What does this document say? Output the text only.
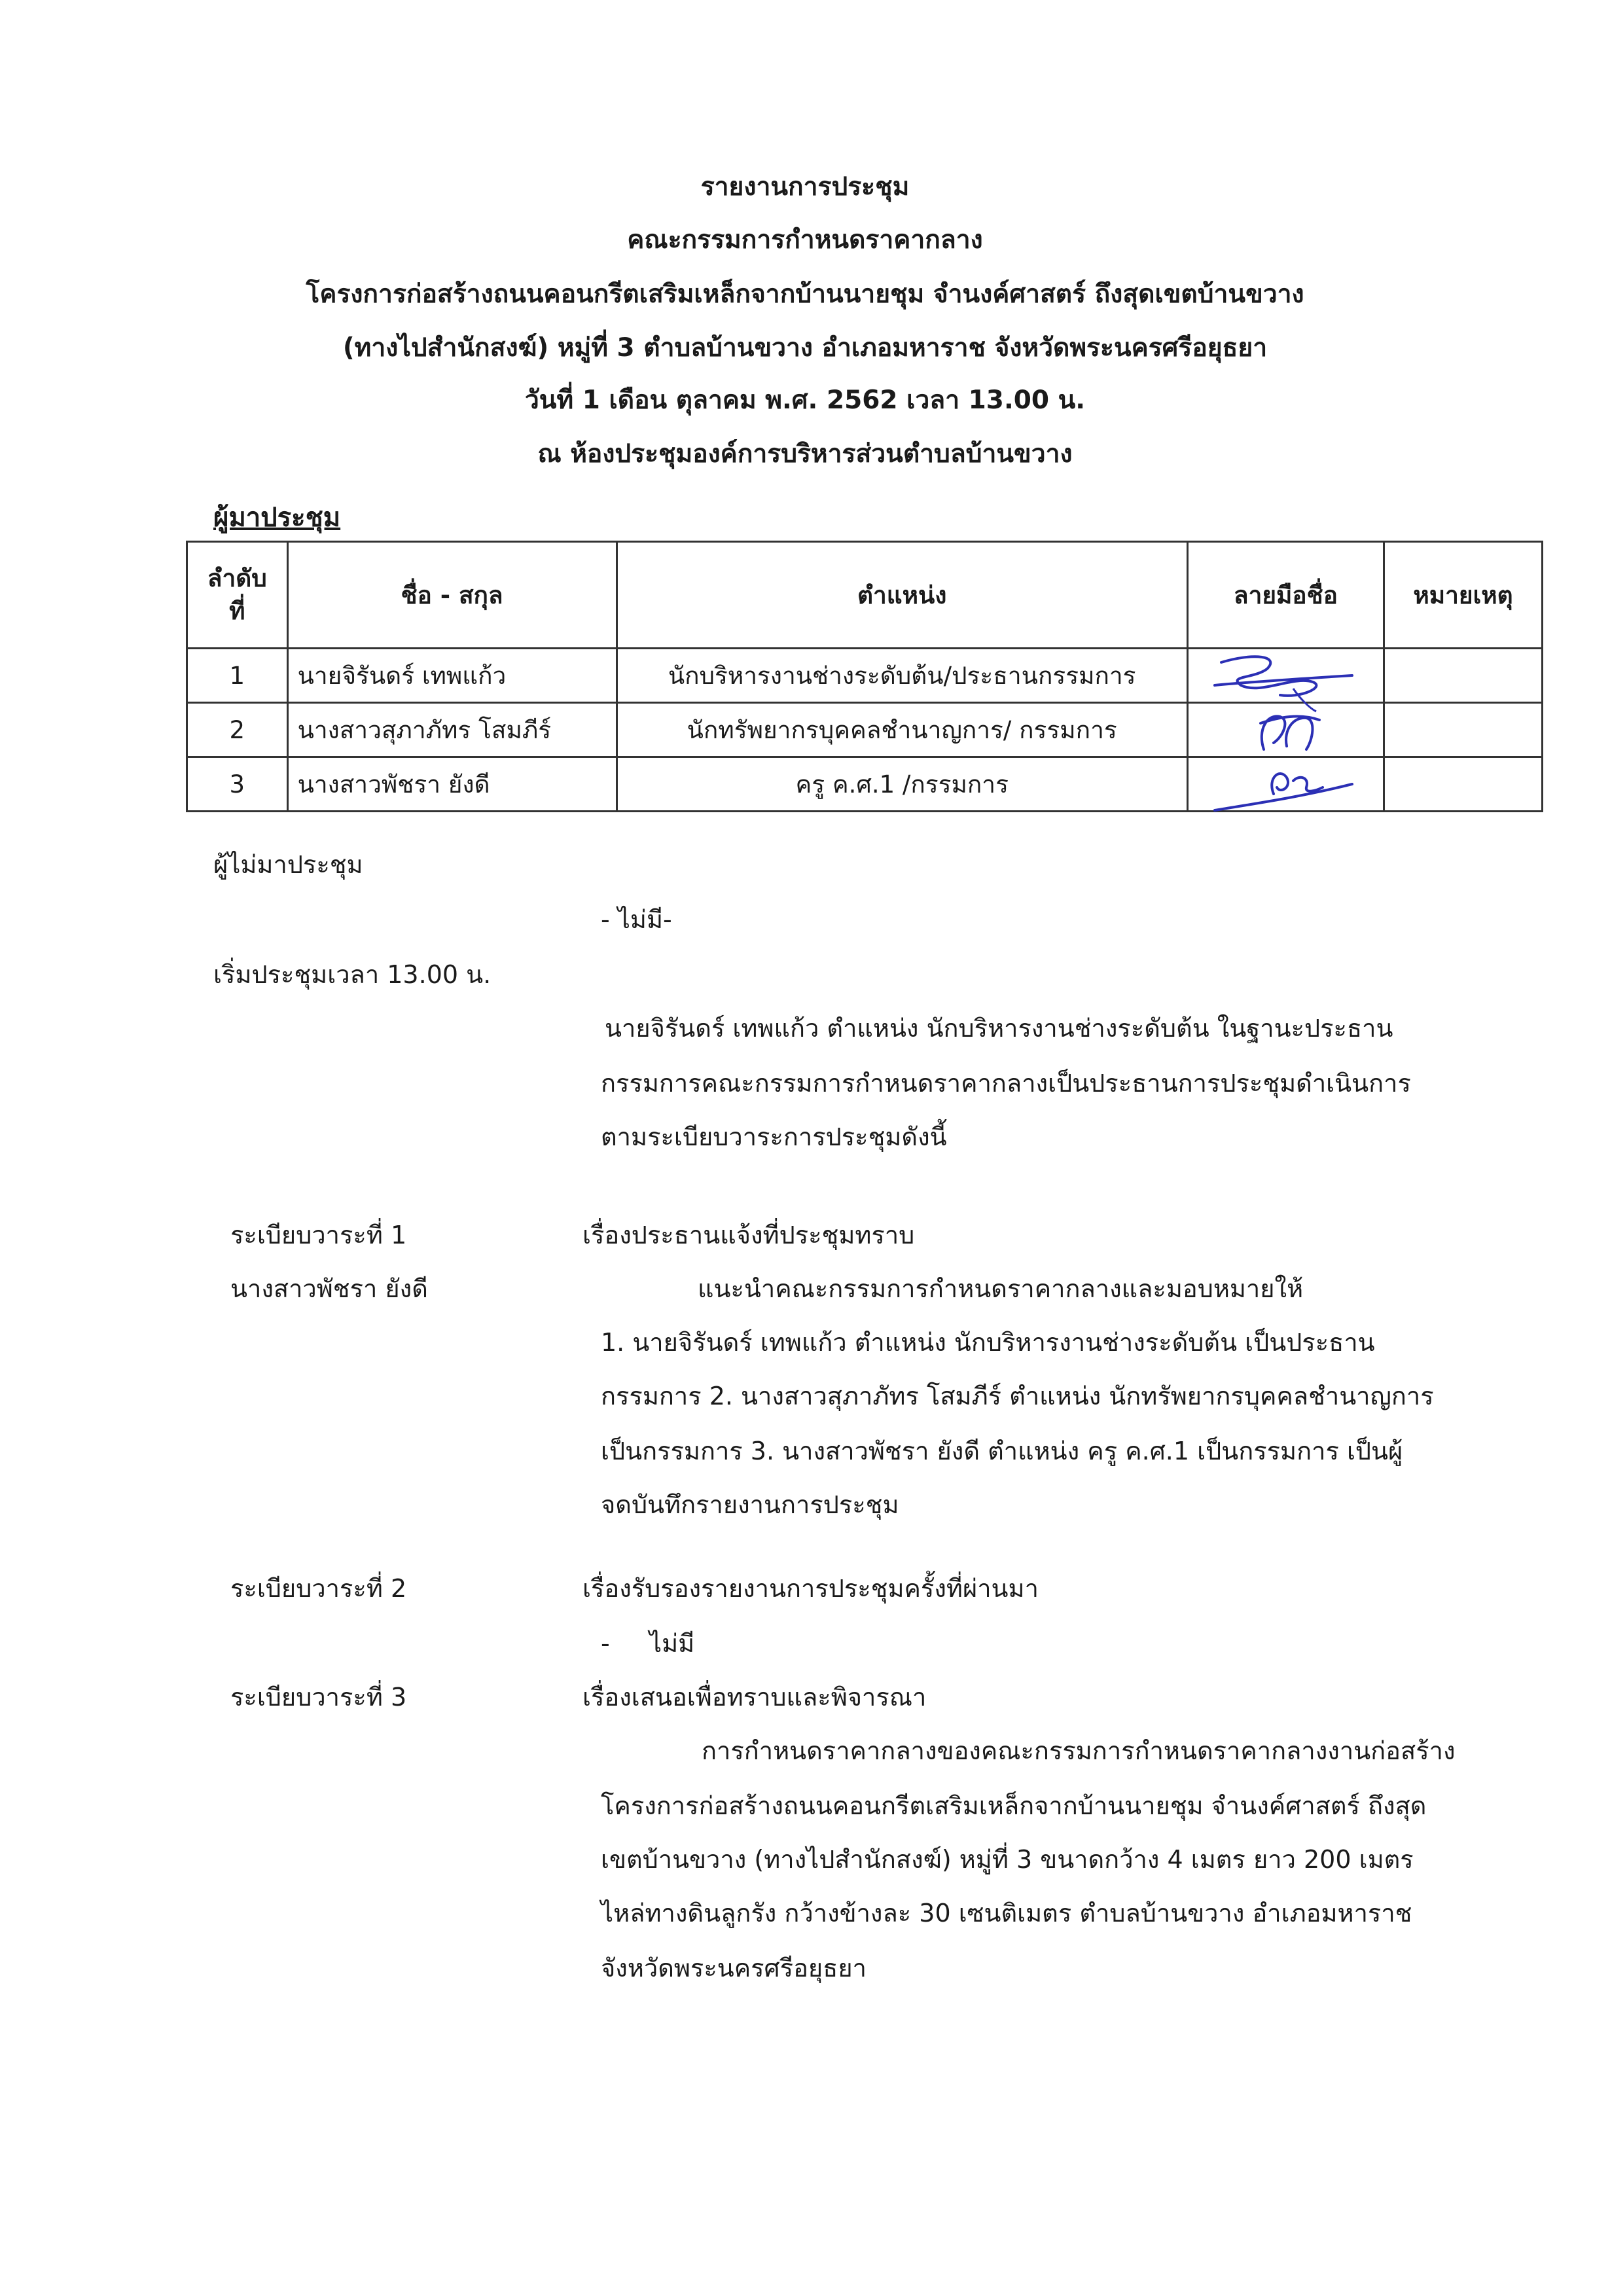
รายงานการประชุม
คณะกรรมการกำหนดราคากลาง
โครงการก่อสร้างถนนคอนกรีตเสริมเหล็กจากบ้านนายชุม จำนงค์ศาสตร์ ถึงสุดเขตบ้านขวาง
(ทางไปสำนักสงฆ์) หมู่ที่ 3 ตำบลบ้านขวาง อำเภอมหาราช จังหวัดพระนครศรีอยุธยา
วันที่ 1 เดือน ตุลาคม พ.ศ. 2562 เวลา 13.00 น.
ณ ห้องประชุมองค์การบริหารส่วนตำบลบ้านขวาง
ผู้มาประชุม
ลำดับ
ที่	ชื่อ - สกุล	ตำแหน่ง	ลายมือชื่อ	หมายเหตุ
1	นายจิรันดร์ เทพแก้ว	นักบริหารงานช่างระดับต้น/ประธานกรรมการ	

2	นางสาวสุภาภัทร โสมภีร์	นักทรัพยากรบุคคลชำนาญการ/ กรรมการ	

3	นางสาวพัชรา ยังดี	ครู ค.ศ.1 /กรรมการ	

ผู้ไม่มาประชุม
- ไม่มี-
เริ่มประชุมเวลา 13.00 น.
นายจิรันดร์ เทพแก้ว ตำแหน่ง นักบริหารงานช่างระดับต้น ในฐานะประธาน
กรรมการคณะกรรมการกำหนดราคากลางเป็นประธานการประชุมดำเนินการ
ตามระเบียบวาระการประชุมดังนี้
ระเบียบวาระที่ 1	เรื่องประธานแจ้งที่ประชุมทราบ
นางสาวพัชรา ยังดี	แนะนำคณะกรรมการกำหนดราคากลางและมอบหมายให้
1. นายจิรันดร์ เทพแก้ว ตำแหน่ง นักบริหารงานช่างระดับต้น เป็นประธาน
กรรมการ 2. นางสาวสุภาภัทร โสมภีร์ ตำแหน่ง นักทรัพยากรบุคคลชำนาญการ
เป็นกรรมการ 3. นางสาวพัชรา ยังดี ตำแหน่ง ครู ค.ศ.1 เป็นกรรมการ เป็นผู้
จดบันทึกรายงานการประชุม
ระเบียบวาระที่ 2	เรื่องรับรองรายงานการประชุมครั้งที่ผ่านมา
- ไม่มี
ระเบียบวาระที่ 3	เรื่องเสนอเพื่อทราบและพิจารณา
การกำหนดราคากลางของคณะกรรมการกำหนดราคากลางงานก่อสร้าง
โครงการก่อสร้างถนนคอนกรีตเสริมเหล็กจากบ้านนายชุม จำนงค์ศาสตร์ ถึงสุด
เขตบ้านขวาง (ทางไปสำนักสงฆ์) หมู่ที่ 3 ขนาดกว้าง 4 เมตร ยาว 200 เมตร
ไหล่ทางดินลูกรัง กว้างข้างละ 30 เซนติเมตร ตำบลบ้านขวาง อำเภอมหาราช
จังหวัดพระนครศรีอยุธยา
